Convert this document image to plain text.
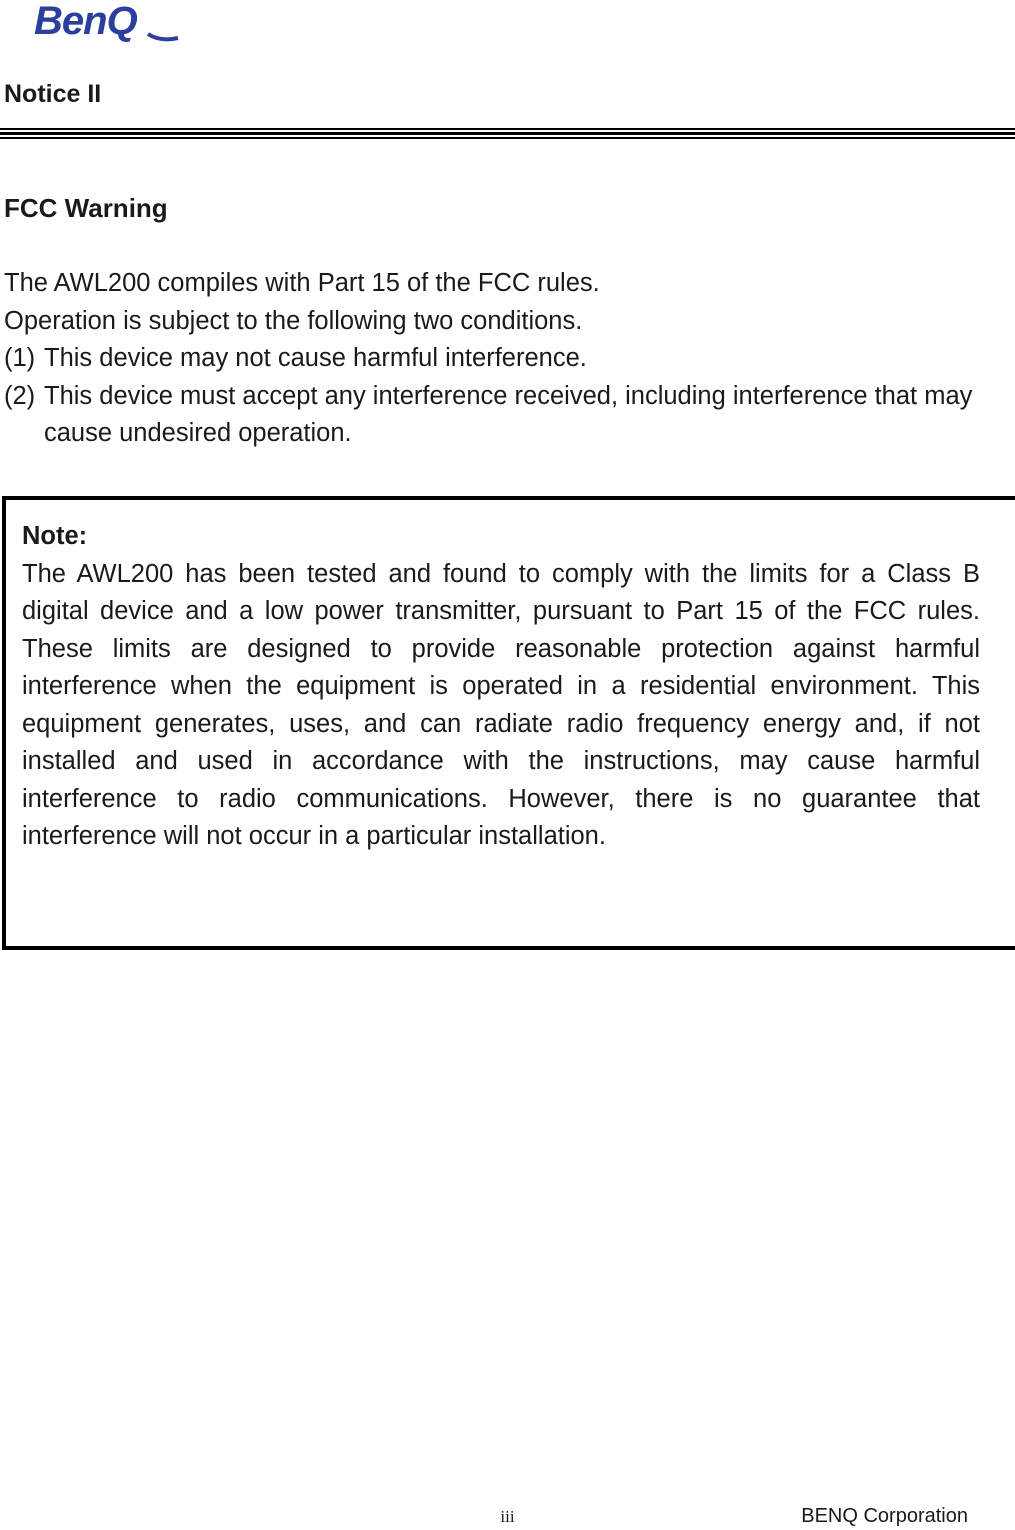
BenQ
Notice II
FCC Warning

The AWL200 compiles with Part 15 of the FCC rules.

Operation is subject to the following two conditions.

(1) This device may not cause harmful interference.
(2) This device must accept any interference received, including interference that may cause undesired operation.

Note:

The AWL200 has been tested and found to comply with the limits for a Class B digital device and a low power transmitter, pursuant to Part 15 of the FCC rules. These limits are designed to provide reasonable protection against harmful interference when the equipment is operated in a residential environment. This equipment generates, uses, and can radiate radio frequency energy and, if not installed and used in accordance with the instructions, may cause harmful interference to radio communications. However, there is no guarantee that interference will not occur in a particular installation.

iii	BENQ Corporation
